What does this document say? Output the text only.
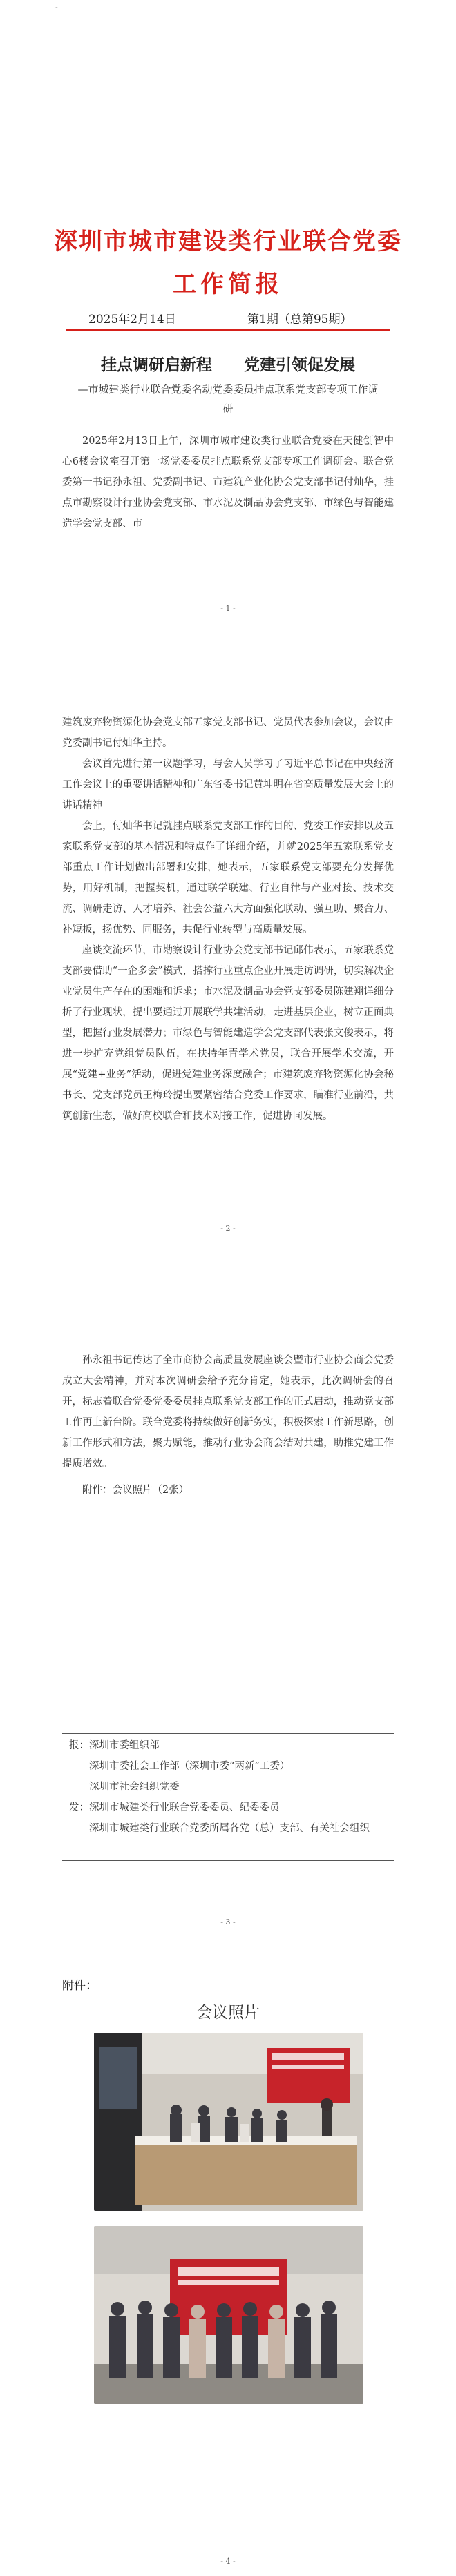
-
深圳市城市建设类行业联合党委
工作简报
2025年2月14日	第1期（总第95期）
挂点调研启新程　　党建引领促发展
—市城建类行业联合党委名动党委委员挂点联系党支部专项工作调研

2025年2月13日上午，深圳市城市建设类行业联合党委在天健创智中心6楼会议室召开第一场党委委员挂点联系党支部专项工作调研会。联合党委第一书记孙永祖、党委副书记、市建筑产业化协会党支部书记付灿华，挂点市勘察设计行业协会党支部、市水泥及制品协会党支部、市绿色与智能建造学会党支部、市

- 1 -

建筑废弃物资源化协会党支部五家党支部书记、党员代表参加会议，会议由党委副书记付灿华主持。

会议首先进行第一议题学习，与会人员学习了习近平总书记在中央经济工作会议上的重要讲话精神和广东省委书记黄坤明在省高质量发展大会上的讲话精神

会上，付灿华书记就挂点联系党支部工作的目的、党委工作安排以及五家联系党支部的基本情况和特点作了详细介绍，并就2025年五家联系党支部重点工作计划做出部署和安排，她表示，五家联系党支部要充分发挥优势，用好机制，把握契机，通过联学联建、行业自律与产业对接、技术交流、调研走访、人才培养、社会公益六大方面强化联动、强互助、聚合力、补短板，扬优势、同服务，共促行业转型与高质量发展。

座谈交流环节，市勘察设计行业协会党支部书记邱伟表示，五家联系党支部要借助“一企多会”模式，搭撑行业重点企业开展走访调研，切实解决企业党员生产存在的困难和诉求；市水泥及制品协会党支部委员陈建翔详细分析了行业现状，提出要通过开展联学共建活动，走进基层企业，树立正面典型，把握行业发展潜力；市绿色与智能建造学会党支部代表张文俊表示，将进一步扩充党组党员队伍，在扶持年青学术党员，联合开展学术交流，开展“党建+业务”活动，促进党建业务深度融合；市建筑废弃物资源化协会秘书长、党支部党员王梅玲提出要紧密结合党委工作要求，瞄准行业前沿，共筑创新生态，做好高校联合和技术对接工作，促进协同发展。

- 2 -

孙永祖书记传达了全市商协会高质量发展座谈会暨市行业协会商会党委成立大会精神，并对本次调研会给予充分肯定，她表示，此次调研会的召开，标志着联合党委党委委员挂点联系党支部工作的正式启动，推动党支部工作再上新台阶。联合党委将持续做好创新务实，积极探索工作新思路，创新工作形式和方法，聚力赋能，推动行业协会商会结对共建，助推党建工作提质增效。

附件：会议照片（2张）

报：深圳市委组织部
深圳市委社会工作部（深圳市委“两新”工委）
深圳市社会组织党委
发：深圳市城建类行业联合党委委员、纪委委员
深圳市城建类行业联合党委所属各党（总）支部、有关社会组织
- 3 -
附件：
会议照片
- 4 -
